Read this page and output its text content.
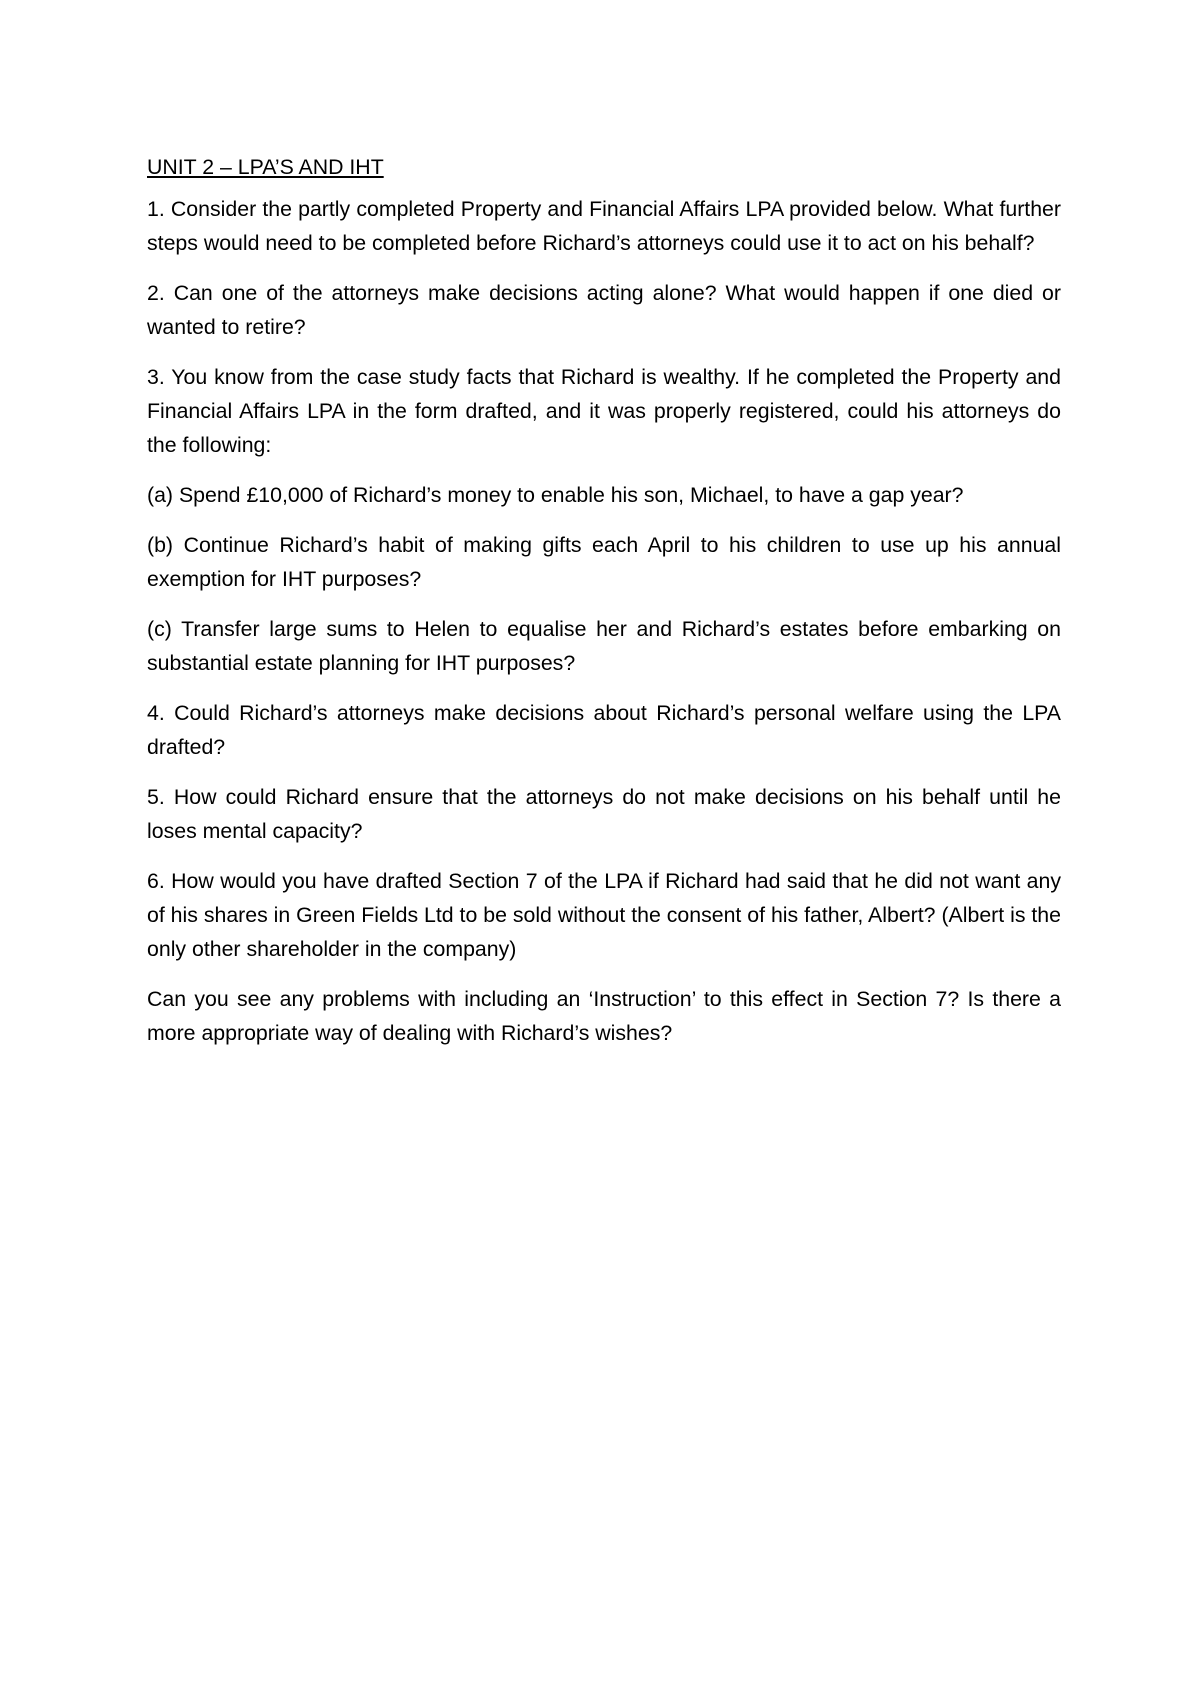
UNIT 2 – LPA’S AND IHT

1. Consider the partly completed Property and Financial Affairs LPA provided below. What further steps would need to be completed before Richard’s attorneys could use it to act on his behalf?

2. Can one of the attorneys make decisions acting alone? What would happen if one died or wanted to retire?

3. You know from the case study facts that Richard is wealthy. If he completed the Property and Financial Affairs LPA in the form drafted, and it was properly registered, could his attorneys do the following:

(a) Spend £10,000 of Richard’s money to enable his son, Michael, to have a gap year?

(b) Continue Richard’s habit of making gifts each April to his children to use up his annual exemption for IHT purposes?

(c) Transfer large sums to Helen to equalise her and Richard’s estates before embarking on substantial estate planning for IHT purposes?

4. Could Richard’s attorneys make decisions about Richard’s personal welfare using the LPA drafted?

5. How could Richard ensure that the attorneys do not make decisions on his behalf until he loses mental capacity?

6. How would you have drafted Section 7 of the LPA if Richard had said that he did not want any of his shares in Green Fields Ltd to be sold without the consent of his father, Albert? (Albert is the only other shareholder in the company)

Can you see any problems with including an ‘Instruction’ to this effect in Section 7? Is there a more appropriate way of dealing with Richard’s wishes?
